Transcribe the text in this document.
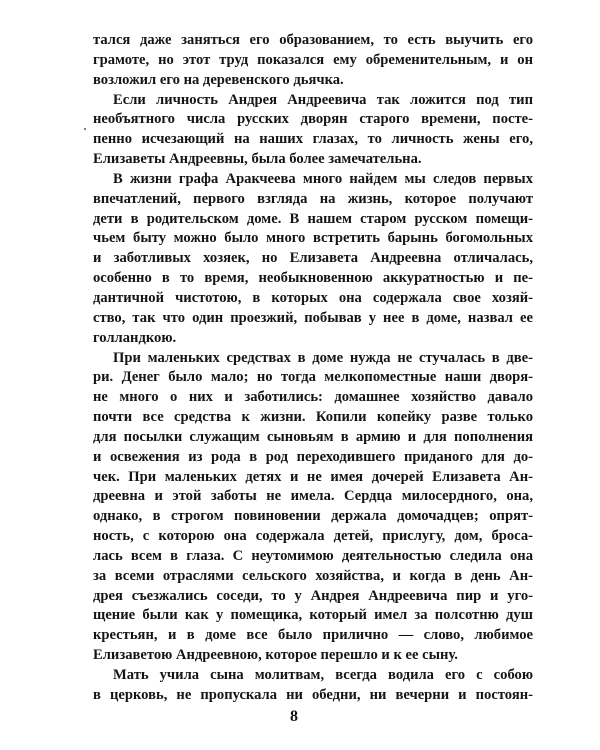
тался даже заняться его образованием, то есть выучить его
грамоте, но этот труд показался ему обременительным, и он
возложил его на деревенского дьячка.
Если личность Андрея Андреевича так ложится под тип
необъятного числа русских дворян старого времени, посте-
пенно исчезающий на наших глазах, то личность жены его,
Елизаветы Андреевны, была более замечательна.
В жизни графа Аракчеева много найдем мы следов первых
впечатлений, первого взгляда на жизнь, которое получают
дети в родительском доме. В нашем старом русском помещи-
чьем быту можно было много встретить барынь богомольных
и заботливых хозяек, но Елизавета Андреевна отличалась,
особенно в то время, необыкновенною аккуратностью и пе-
дантичной чистотою, в которых она содержала свое хозяй-
ство, так что один проезжий, побывав у нее в доме, назвал ее
голландкою.
При маленьких средствах в доме нужда не стучалась в две-
ри. Денег было мало; но тогда мелкопоместные наши дворя-
не много о них и заботились: домашнее хозяйство давало
почти все средства к жизни. Копили копейку разве только
для посылки служащим сыновьям в армию и для пополнения
и освежения из рода в род переходившего приданого для до-
чек. При маленьких детях и не имея дочерей Елизавета Ан-
дреевна и этой заботы не имела. Сердца милосердного, она,
однако, в строгом повиновении держала домочадцев; опрят-
ность, с которою она содержала детей, прислугу, дом, броса-
лась всем в глаза. С неутомимою деятельностью следила она
за всеми отраслями сельского хозяйства, и когда в день Ан-
дрея съезжались соседи, то у Андрея Андреевича пир и уго-
щение были как у помещика, который имел за полсотню душ
крестьян, и в доме все было прилично — слово, любимое
Елизаветою Андреевною, которое перешло и к ее сыну.
Мать учила сына молитвам, всегда водила его с собою
в церковь, не пропускала ни обедни, ни вечерни и постоян-
8
